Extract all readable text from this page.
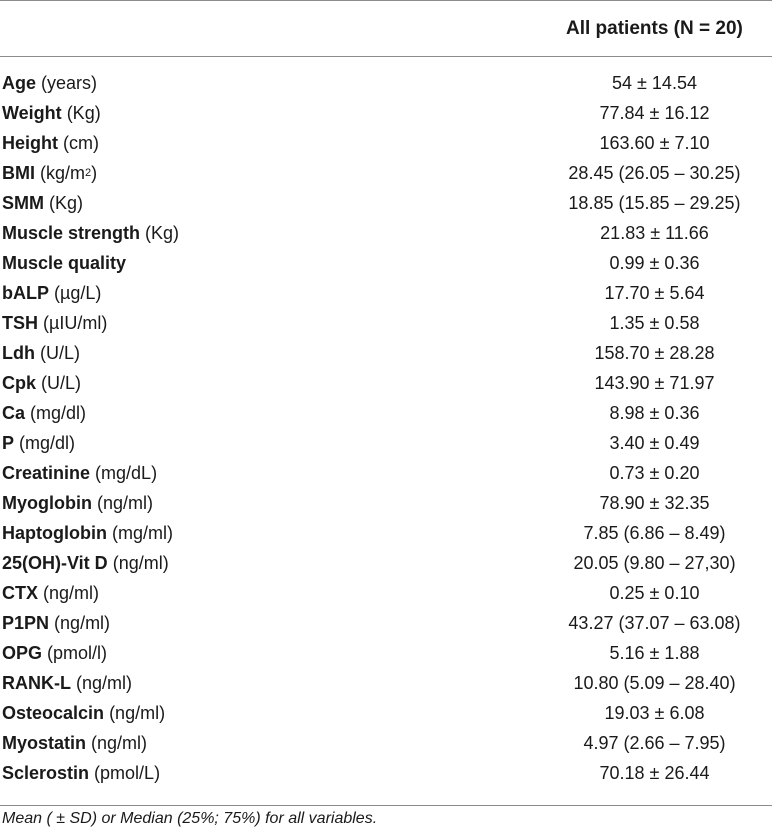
All patients (N = 20)
Age (years)	54 ± 14.54
Weight (Kg)	77.84 ± 16.12
Height (cm)	163.60 ± 7.10
BMI $(kg/m^2)$	28.45 (26.05 – 30.25)
SMM (Kg)	18.85 (15.85 – 29.25)
Muscle strength (Kg)	21.83 ± 11.66
Muscle quality	0.99 ± 0.36
bALP (µg/L)	17.70 ± 5.64
TSH (µIU/ml)	1.35 ± 0.58
Ldh (U/L)	158.70 ± 28.28
Cpk (U/L)	143.90 ± 71.97
Ca (mg/dl)	8.98 ± 0.36
P (mg/dl)	3.40 ± 0.49
Creatinine (mg/dL)	0.73 ± 0.20
Myoglobin (ng/ml)	78.90 ± 32.35
Haptoglobin (mg/ml)	7.85 (6.86 – 8.49)
25(OH)-Vit D (ng/ml)	20.05 (9.80 – 27,30)
CTX (ng/ml)	0.25 ± 0.10
P1PN (ng/ml)	43.27 (37.07 – 63.08)
OPG (pmol/l)	5.16 ± 1.88
RANK-L (ng/ml)	10.80 (5.09 – 28.40)
Osteocalcin (ng/ml)	19.03 ± 6.08
Myostatin (ng/ml)	4.97 (2.66 – 7.95)
Sclerostin (pmol/L)	70.18 ± 26.44
Mean ( ± SD) or Median (25%; 75%) for all variables.
